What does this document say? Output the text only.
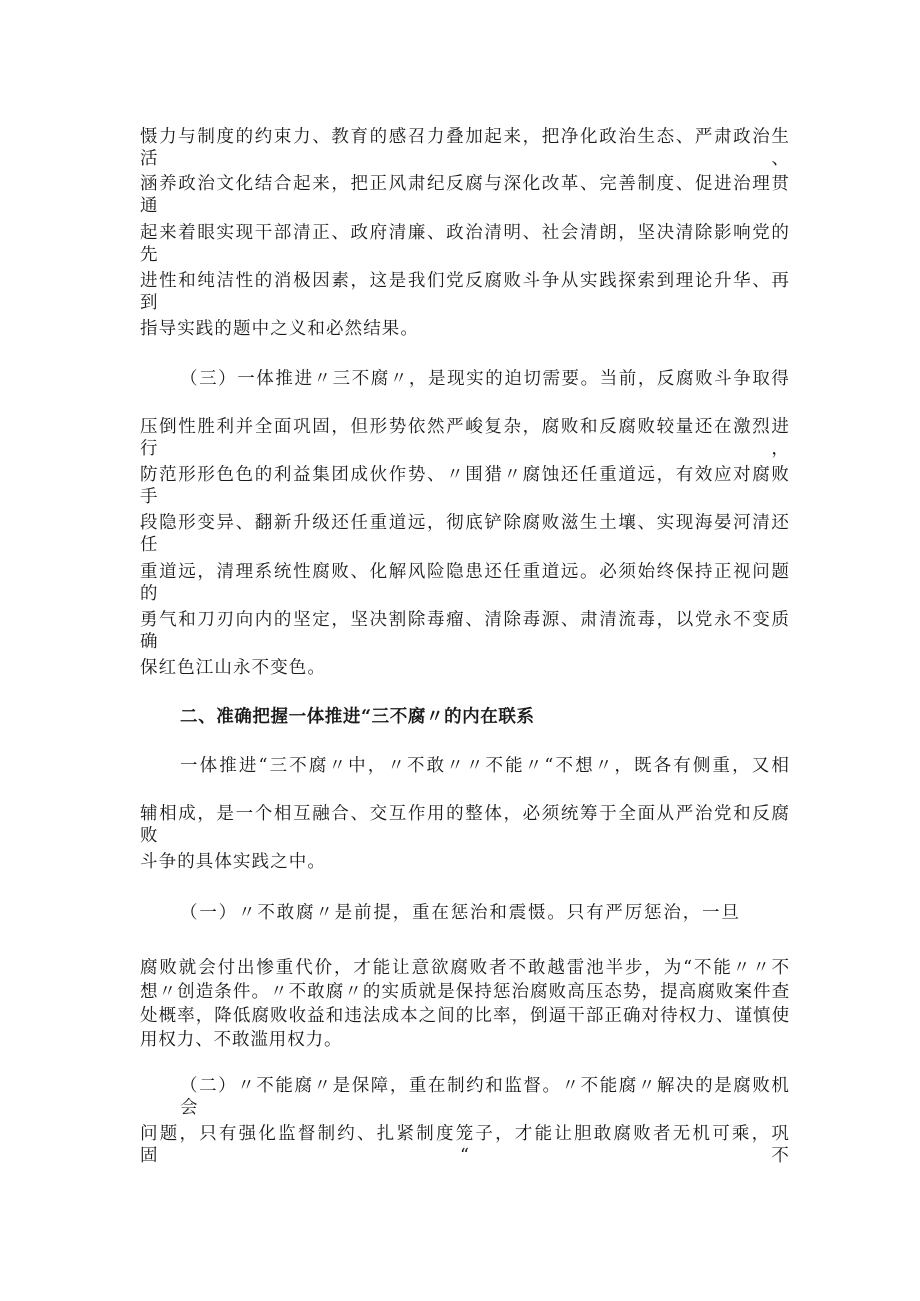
慑力与制度的约束力、教育的感召力叠加起来，把净化政治生态、严肃政治生活、
涵养政治文化结合起来，把正风肃纪反腐与深化改革、完善制度、促进治理贯通
起来着眼实现干部清正、政府清廉、政治清明、社会清朗，坚决清除影响党的先
进性和纯洁性的消极因素，这是我们党反腐败斗争从实践探索到理论升华、再到
指导实践的题中之义和必然结果。
（三）一体推进〃三不腐〃，是现实的迫切需要。当前，反腐败斗争取得
压倒性胜利并全面巩固，但形势依然严峻复杂，腐败和反腐败较量还在激烈进行，
防范形形色色的利益集团成伙作势、〃围猎〃腐蚀还任重道远，有效应对腐败手
段隐形变异、翻新升级还任重道远，彻底铲除腐败滋生土壤、实现海晏河清还任
重道远，清理系统性腐败、化解风险隐患还任重道远。必须始终保持正视问题的
勇气和刀刃向内的坚定，坚决割除毒瘤、清除毒源、肃清流毒，以党永不变质确
保红色江山永不变色。
二、准确把握一体推进“三不腐〃的内在联系
一体推进“三不腐〃中，〃不敢〃〃不能〃“不想〃，既各有侧重，又相
辅相成，是一个相互融合、交互作用的整体，必须统筹于全面从严治党和反腐败
斗争的具体实践之中。
（一）〃不敢腐〃是前提，重在惩治和震慑。只有严厉惩治，一旦
腐败就会付出惨重代价，才能让意欲腐败者不敢越雷池半步，为“不能〃〃不
想〃创造条件。〃不敢腐〃的实质就是保持惩治腐败高压态势，提高腐败案件查
处概率，降低腐败收益和违法成本之间的比率，倒逼干部正确对待权力、谨慎使
用权力、不敢滥用权力。
（二）〃不能腐〃是保障，重在制约和监督。〃不能腐〃解决的是腐败机会
问题，只有强化监督制约、扎紧制度笼子，才能让胆敢腐败者无机可乘，巩固“不
